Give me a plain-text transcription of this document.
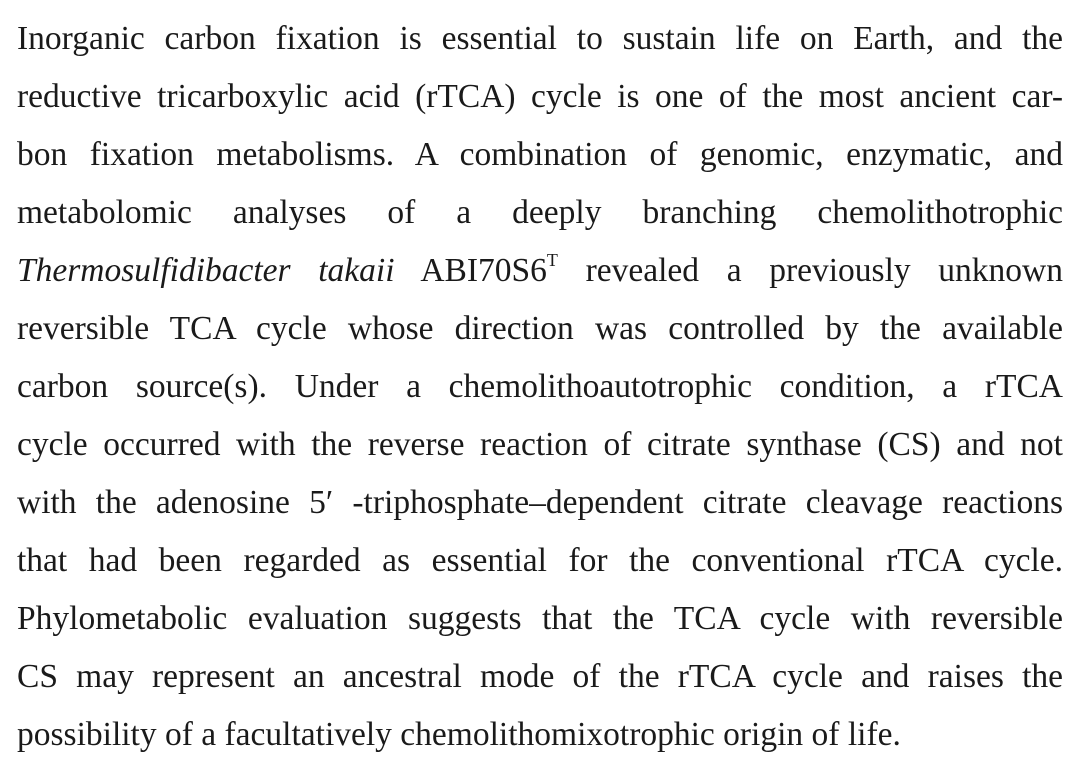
Inorganic carbon fixation is essential to sustain life on Earth, and the
reductive tricarboxylic acid (rTCA) cycle is one of the most ancient car-
bon fixation metabolisms. A combination of genomic, enzymatic, and
metabolomic analyses of a deeply branching chemolithotrophic
Thermosulfidibacter takaii $ABI70S6^T$ revealed a previously unknown
reversible TCA cycle whose direction was controlled by the available
carbon source(s). Under a chemolithoautotrophic condition, a rTCA
cycle occurred with the reverse reaction of citrate synthase (CS) and not
with the adenosine 5′ -triphosphate–dependent citrate cleavage reactions
that had been regarded as essential for the conventional rTCA cycle.
Phylometabolic evaluation suggests that the TCA cycle with reversible
CS may represent an ancestral mode of the rTCA cycle and raises the
possibility of a facultatively chemolithomixotrophic origin of life.
